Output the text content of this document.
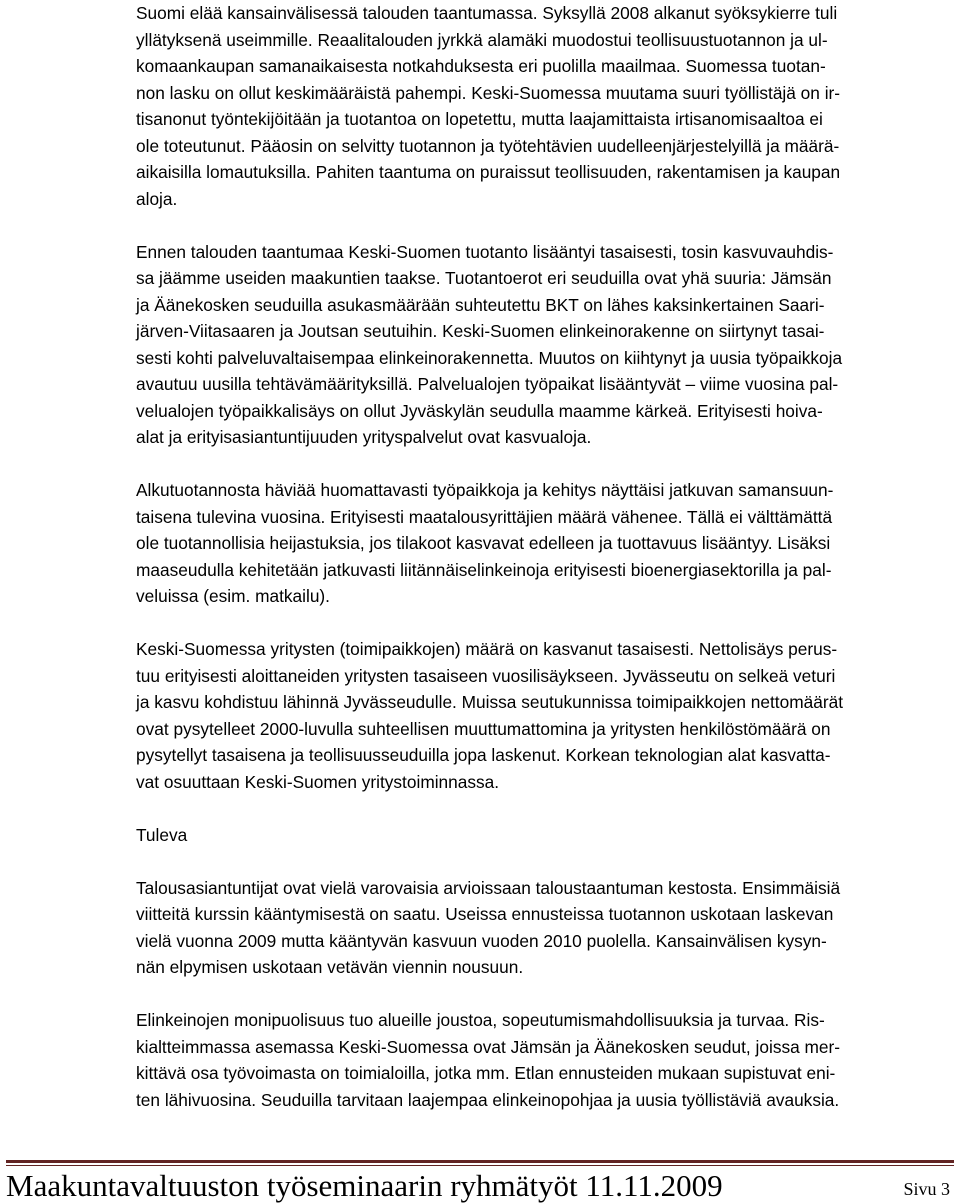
Suomi elää kansainvälisessä talouden taantumassa. Syksyllä 2008 alkanut syöksykierre tuli
yllätyksenä useimmille. Reaalitalouden jyrkkä alamäki muodostui teollisuustuotannon ja ul-
komaankaupan samanaikaisesta notkahduksesta eri puolilla maailmaa. Suomessa tuotan-
non lasku on ollut keskimääräistä pahempi. Keski-Suomessa muutama suuri työllistäjä on ir-
tisanonut työntekijöitään ja tuotantoa on lopetettu, mutta laajamittaista irtisanomisaaltoa ei
ole toteutunut. Pääosin on selvitty tuotannon ja työtehtävien uudelleenjärjestelyillä ja määrä-
aikaisilla lomautuksilla. Pahiten taantuma on puraissut teollisuuden, rakentamisen ja kaupan
aloja.

Ennen talouden taantumaa Keski-Suomen tuotanto lisääntyi tasaisesti, tosin kasvuvauhdis-
sa jäämme useiden maakuntien taakse. Tuotantoerot eri seuduilla ovat yhä suuria: Jämsän
ja Äänekosken seuduilla asukasmäärään suhteutettu BKT on lähes kaksinkertainen Saari-
järven-Viitasaaren ja Joutsan seutuihin. Keski-Suomen elinkeinorakenne on siirtynyt tasai-
sesti kohti palveluvaltaisempaa elinkeinorakennetta. Muutos on kiihtynyt ja uusia työpaikkoja
avautuu uusilla tehtävämäärityksillä. Palvelualojen työpaikat lisääntyvät – viime vuosina pal-
velualojen työpaikkalisäys on ollut Jyväskylän seudulla maamme kärkeä. Erityisesti hoiva-
alat ja erityisasiantuntijuuden yrityspalvelut ovat kasvualoja.

Alkutuotannosta häviää huomattavasti työpaikkoja ja kehitys näyttäisi jatkuvan samansuun-
taisena tulevina vuosina. Erityisesti maatalousyrittäjien määrä vähenee. Tällä ei välttämättä
ole tuotannollisia heijastuksia, jos tilakoot kasvavat edelleen ja tuottavuus lisääntyy. Lisäksi
maaseudulla kehitetään jatkuvasti liitännäiselinkeinoja erityisesti bioenergiasektorilla ja pal-
veluissa (esim. matkailu).

Keski-Suomessa yritysten (toimipaikkojen) määrä on kasvanut tasaisesti. Nettolisäys perus-
tuu erityisesti aloittaneiden yritysten tasaiseen vuosilisäykseen. Jyvässeutu on selkeä veturi
ja kasvu kohdistuu lähinnä Jyvässeudulle. Muissa seutukunnissa toimipaikkojen nettomäärät
ovat pysytelleet 2000-luvulla suhteellisen muuttumattomina ja yritysten henkilöstömäärä on
pysytellyt tasaisena ja teollisuusseuduilla jopa laskenut. Korkean teknologian alat kasvatta-
vat osuuttaan Keski-Suomen yritystoiminnassa.

Tuleva

Talousasiantuntijat ovat vielä varovaisia arvioissaan taloustaantuman kestosta. Ensimmäisiä
viitteitä kurssin kääntymisestä on saatu. Useissa ennusteissa tuotannon uskotaan laskevan
vielä vuonna 2009 mutta kääntyvän kasvuun vuoden 2010 puolella. Kansainvälisen kysyn-
nän elpymisen uskotaan vetävän viennin nousuun.

Elinkeinojen monipuolisuus tuo alueille joustoa, sopeutumismahdollisuuksia ja turvaa. Ris-
kialtteimmassa asemassa Keski-Suomessa ovat Jämsän ja Äänekosken seudut, joissa mer-
kittävä osa työvoimasta on toimialoilla, jotka mm. Etlan ennusteiden mukaan supistuvat eni-
ten lähivuosina. Seuduilla tarvitaan laajempaa elinkeinopohjaa ja uusia työllistäviä avauksia.

Maakuntavaltuuston työseminaarin ryhmätyöt 11.11.2009	Sivu 3
